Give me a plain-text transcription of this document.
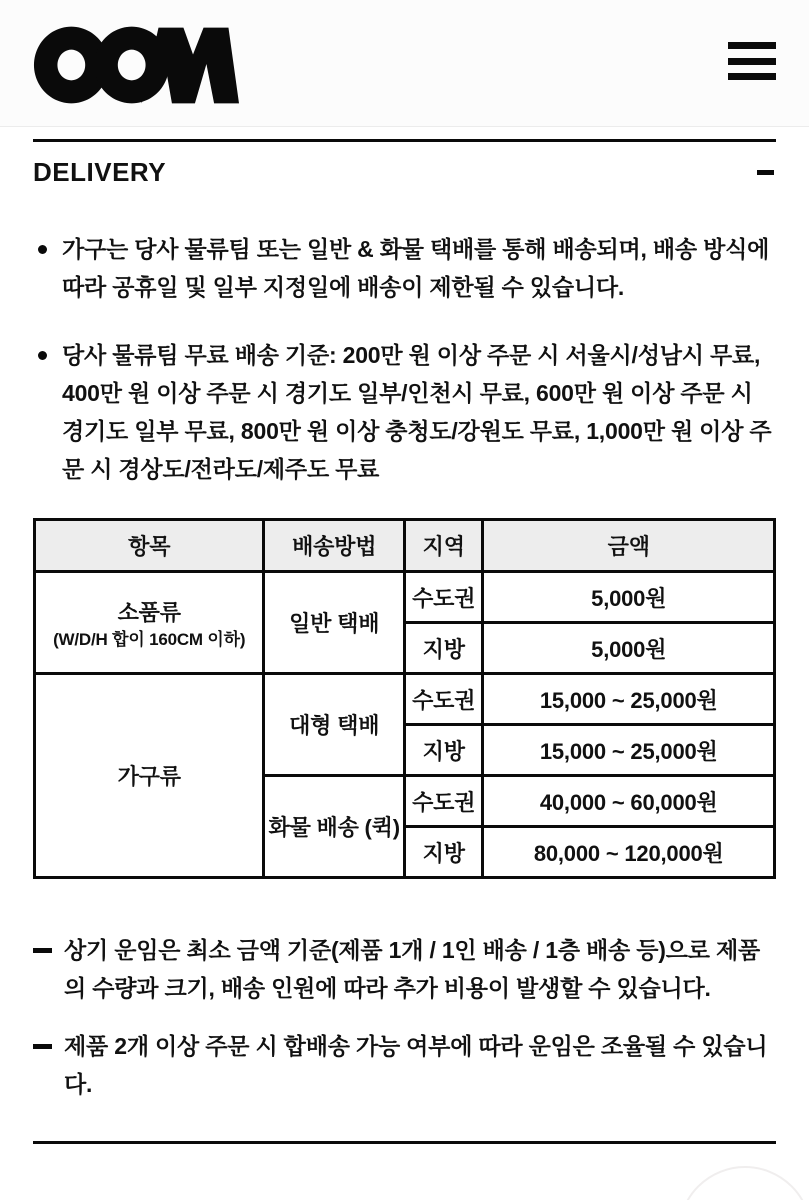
DELIVERY

가구는 당사 물류팀 또는 일반 & 화물 택배를 통해 배송되며, 배송 방식에 따라 공휴일 및 일부 지정일에 배송이 제한될 수 있습니다.

당사 물류팀 무료 배송 기준: 200만 원 이상 주문 시 서울시/성남시 무료, 400만 원 이상 주문 시 경기도 일부/인천시 무료, 600만 원 이상 주문 시 경기도 일부 무료, 800만 원 이상 충청도/강원도 무료, 1,000만 원 이상 주문 시 경상도/전라도/제주도 무료

항목	배송방법	지역	금액

소품류
(W/D/H 합이 160CM 이하)	일반 택배	수도권	5,000원
		지방	5,000원
가구류	대형 택배	수도권	15,000 ~ 25,000원
		지방	15,000 ~ 25,000원
	화물 배송 (퀵)	수도권	40,000 ~ 60,000원
		지방	80,000 ~ 120,000원

상기 운임은 최소 금액 기준(제품 1개 / 1인 배송 / 1층 배송 등)으로 제품의 수량과 크기, 배송 인원에 따라 추가 비용이 발생할 수 있습니다.

제품 2개 이상 주문 시 합배송 가능 여부에 따라 운임은 조율될 수 있습니다.
